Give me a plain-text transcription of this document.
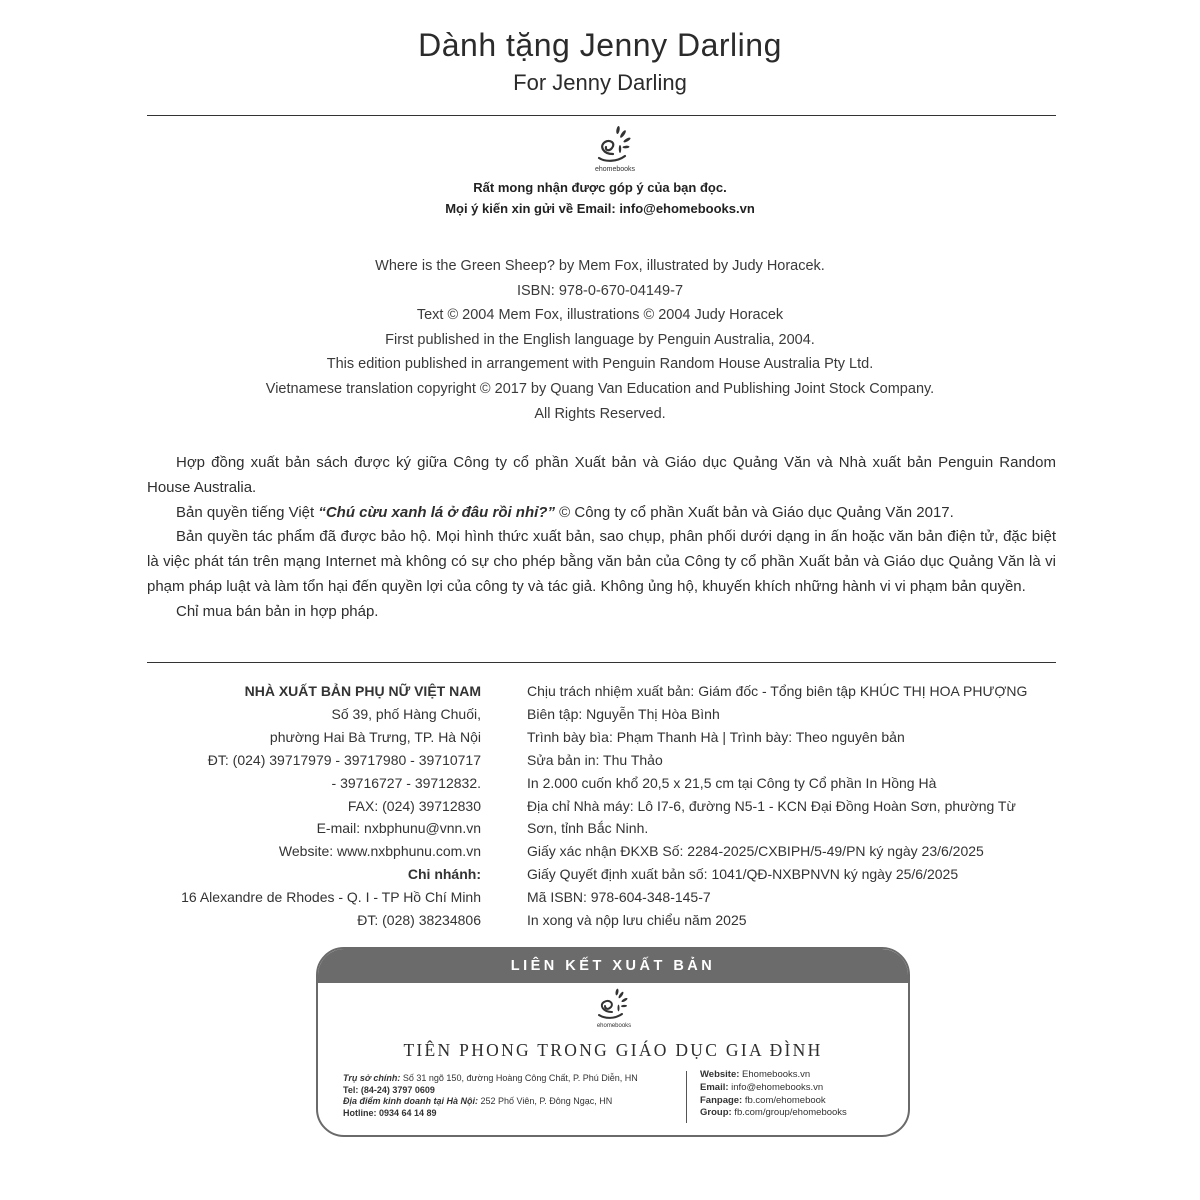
Dành tặng Jenny Darling
For Jenny Darling
ehomebooks
Rất mong nhận được góp ý của bạn đọc.
Mọi ý kiến xin gửi về Email: info@ehomebooks.vn
Where is the Green Sheep? by Mem Fox, illustrated by Judy Horacek.
ISBN: 978-0-670-04149-7
Text © 2004 Mem Fox, illustrations © 2004 Judy Horacek
First published in the English language by Penguin Australia, 2004.
This edition published in arrangement with Penguin Random House Australia Pty Ltd.
Vietnamese translation copyright © 2017 by Quang Van Education and Publishing Joint Stock Company.
All Rights Reserved.

Hợp đồng xuất bản sách được ký giữa Công ty cổ phần Xuất bản và Giáo dục Quảng Văn và Nhà xuất bản Penguin Random House Australia.

Bản quyền tiếng Việt “Chú cừu xanh lá ở đâu rồi nhỉ?” © Công ty cổ phần Xuất bản và Giáo dục Quảng Văn 2017.

Bản quyền tác phẩm đã được bảo hộ. Mọi hình thức xuất bản, sao chụp, phân phối dưới dạng in ấn hoặc văn bản điện tử, đặc biệt là việc phát tán trên mạng Internet mà không có sự cho phép bằng văn bản của Công ty cổ phần Xuất bản và Giáo dục Quảng Văn là vi phạm pháp luật và làm tổn hại đến quyền lợi của công ty và tác giả. Không ủng hộ, khuyến khích những hành vi vi phạm bản quyền.

Chỉ mua bán bản in hợp pháp.

NHÀ XUẤT BẢN PHỤ NỮ VIỆT NAM
Số 39, phố Hàng Chuối,
phường Hai Bà Trưng, TP. Hà Nội
ĐT: (024) 39717979 - 39717980 - 39710717
- 39716727 - 39712832.
FAX: (024) 39712830
E-mail: nxbphunu@vnn.vn
Website: www.nxbphunu.com.vn
Chi nhánh:
16 Alexandre de Rhodes - Q. I - TP Hồ Chí Minh
ĐT: (028) 38234806
Chịu trách nhiệm xuất bản: Giám đốc - Tổng biên tập KHÚC THỊ HOA PHƯỢNG
Biên tập: Nguyễn Thị Hòa Bình
Trình bày bìa: Phạm Thanh Hà | Trình bày: Theo nguyên bản
Sửa bản in: Thu Thảo
In 2.000 cuốn khổ 20,5 x 21,5 cm tại Công ty Cổ phần In Hồng Hà
Địa chỉ Nhà máy: Lô I7-6, đường N5-1 - KCN Đại Đồng Hoàn Sơn, phường Từ
Sơn, tỉnh Bắc Ninh.
Giấy xác nhận ĐKXB Số: 2284-2025/CXBIPH/5-49/PN ký ngày 23/6/2025
Giấy Quyết định xuất bản số: 1041/QĐ-NXBPNVN ký ngày 25/6/2025
Mã ISBN: 978-604-348-145-7
In xong và nộp lưu chiểu năm 2025
LIÊN KẾT XUẤT BẢN
ehomebooks
TIÊN PHONG TRONG GIÁO DỤC GIA ĐÌNH
Trụ sở chính: Số 31 ngõ 150, đường Hoàng Công Chất, P. Phú Diễn, HN
Tel: (84-24) 3797 0609
Địa điểm kinh doanh tại Hà Nội: 252 Phố Viên, P. Đông Ngạc, HN
Hotline: 0934 64 14 89
Website: Ehomebooks.vn
Email: info@ehomebooks.vn
Fanpage: fb.com/ehomebook
Group: fb.com/group/ehomebooks
